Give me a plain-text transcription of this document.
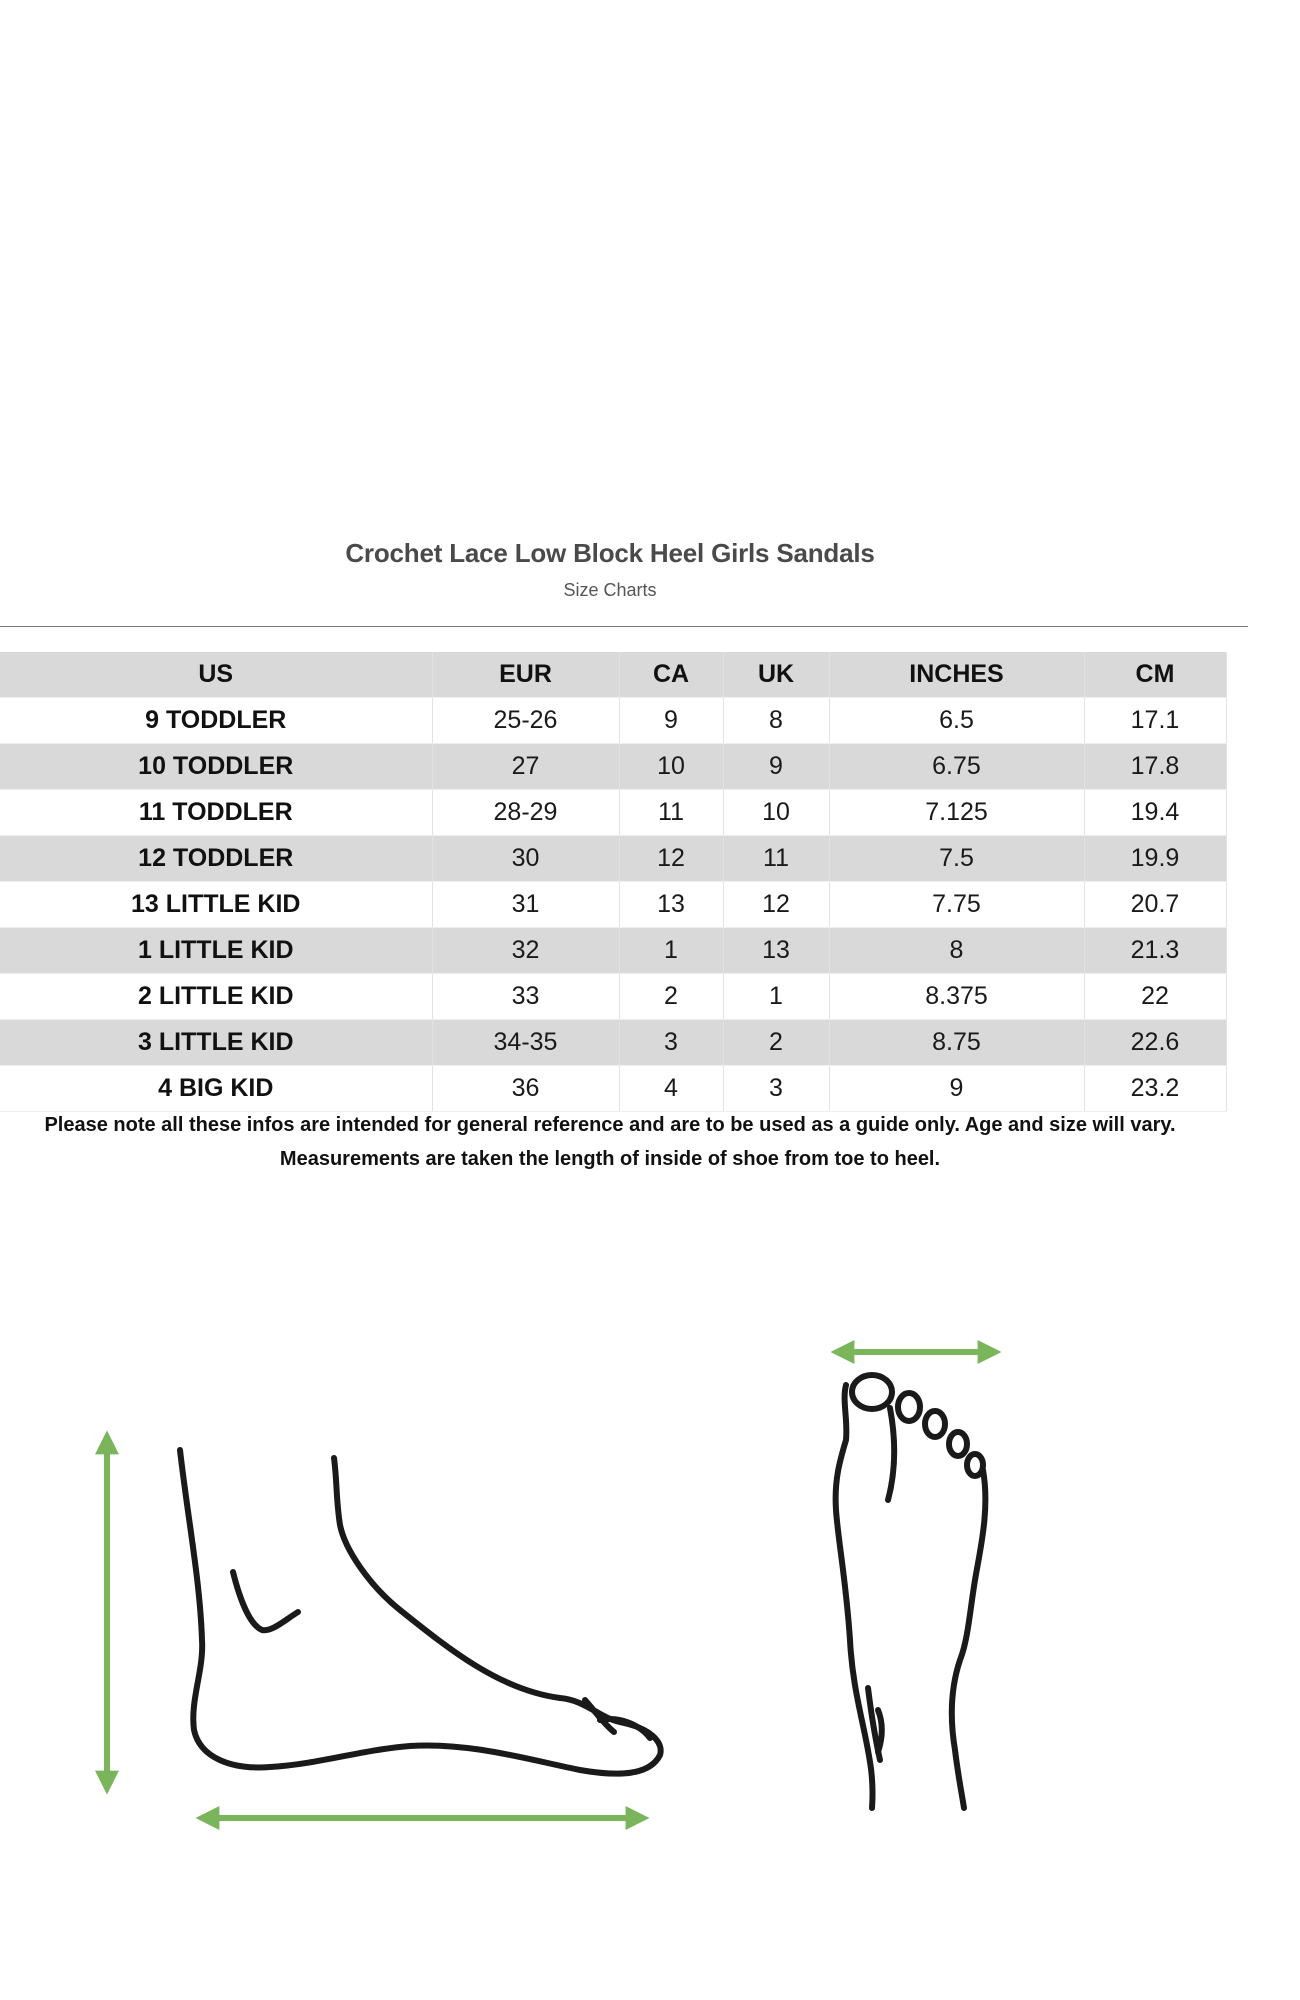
Crochet Lace Low Block Heel Girls Sandals
Size Charts
US	EUR	CA	UK	INCHES	CM
9 TODDLER	25-26	9	8	6.5	17.1
10 TODDLER	27	10	9	6.75	17.8
11 TODDLER	28-29	11	10	7.125	19.4
12 TODDLER	30	12	11	7.5	19.9
13 LITTLE KID	31	13	12	7.75	20.7
1 LITTLE KID	32	1	13	8	21.3
2 LITTLE KID	33	2	1	8.375	22
3 LITTLE KID	34-35	3	2	8.75	22.6
4 BIG KID	36	4	3	9	23.2
Please note all these infos are intended for general reference and are to be used as a guide only. Age and size will vary.
Measurements are taken the length of inside of shoe from toe to heel.
